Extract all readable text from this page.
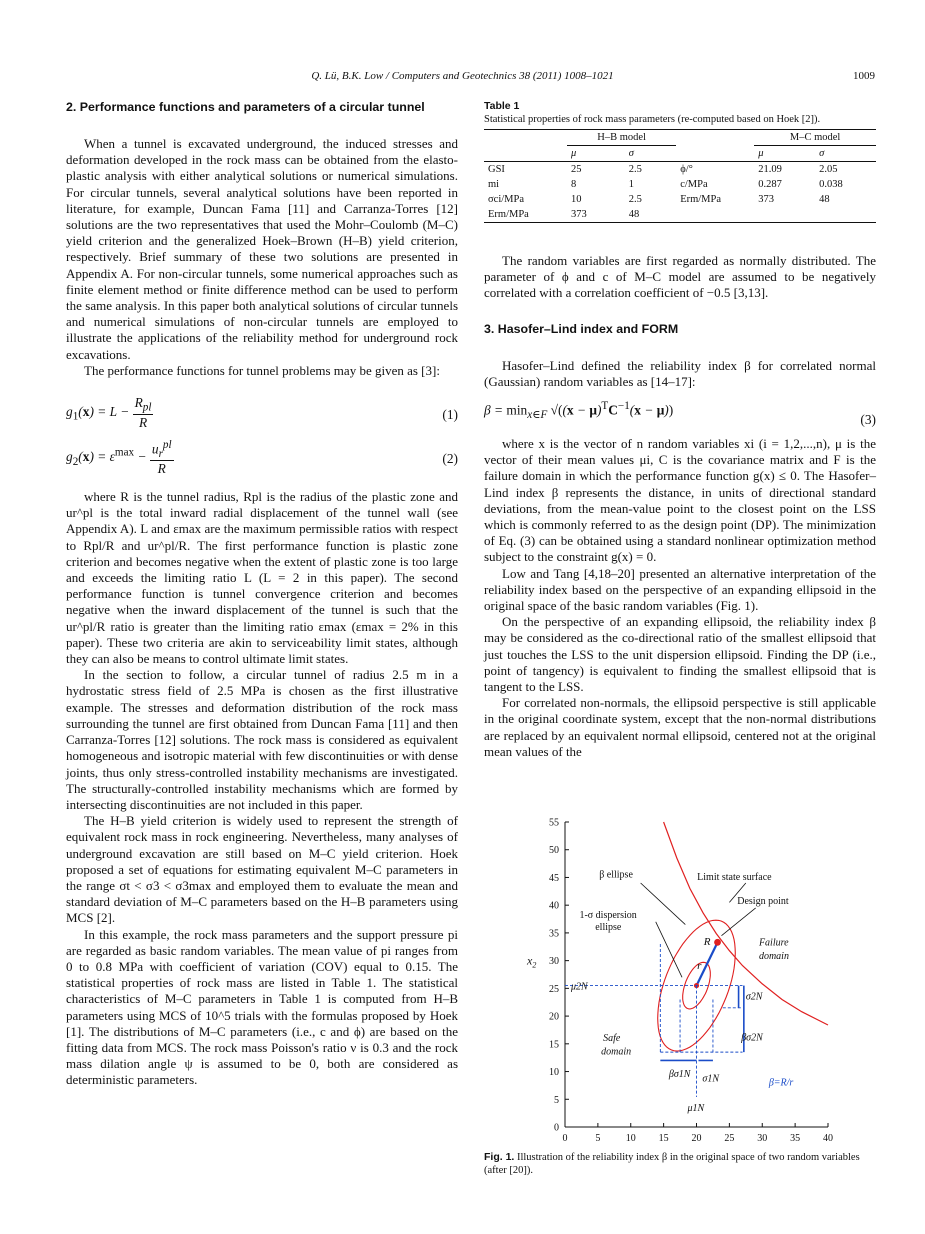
Q. Lü, B.K. Low / Computers and Geotechnics 38 (2011) 1008–1021	1009
2. Performance functions and parameters of a circular tunnel

When a tunnel is excavated underground, the induced stresses and deformation developed in the rock mass can be obtained from the elasto-plastic analysis with either analytical solutions or numerical simulations. For circular tunnels, several analytical solutions have been reported in literature, for example, Duncan Fama [11] and Carranza-Torres [12] solutions are the two representatives that used the Mohr–Coulomb (M–C) yield criterion and the generalized Hoek–Brown (H–B) yield criterion, respectively. Brief summary of these two solutions are presented in Appendix A. For non-circular tunnels, some numerical approaches such as finite element method or finite difference method can be used to perform the same analysis. In this paper both analytical solutions of circular tunnels and numerical simulations of non-circular tunnels are employed to illustrate the applications of the reliability method for underground rock excavations.

The performance functions for tunnel problems may be given as [3]:

$g_1(x) = L - \frac{R_{pl}}{R}$	(1)
$g_2(x) = \varepsilon^{max} - \frac{u_r^{pl}}{R}$	(2)

where R is the tunnel radius, Rpl is the radius of the plastic zone and ur^pl is the total inward radial displacement of the tunnel wall (see Appendix A). L and εmax are the maximum permissible ratios with respect to Rpl/R and ur^pl/R. The first performance function is plastic zone criterion and becomes negative when the extent of plastic zone is too large and exceeds the limiting ratio L (L = 2 in this paper). The second performance function is tunnel convergence criterion and becomes negative when the inward displacement of the tunnel is such that the ur^pl/R ratio is greater than the limiting ratio εmax (εmax = 2% in this paper). These two criteria are akin to serviceability limit states, although they can also be means to control ultimate limit states.

In the section to follow, a circular tunnel of radius 2.5 m in a hydrostatic stress field of 2.5 MPa is chosen as the first illustrative example. The stresses and deformation distribution of the rock mass surrounding the tunnel are first obtained from Duncan Fama [11] and then Carranza-Torres [12] solutions. The rock mass is considered as equivalent homogeneous and isotropic material with few discontinuities or with dense joints, thus only stress-controlled instability mechanisms are investigated. The structurally-controlled instability mechanisms which are formed by intersecting discontinuities are not included in this paper.

The H–B yield criterion is widely used to represent the strength of equivalent rock mass in rock engineering. Nevertheless, many analyses of underground excavation are still based on M–C yield criterion. Hoek proposed a set of equations for estimating equivalent M–C parameters in the range σt < σ3 < σ3max and employed them to evaluate the mean and standard deviation of M–C parameters based on the H–B parameters using MCS [2].

In this example, the rock mass parameters and the support pressure pi are regarded as basic random variables. The mean value of pi ranges from 0 to 0.8 MPa with coefficient of variation (COV) equal to 0.15. The statistical properties of rock mass are listed in Table 1. The statistical characteristics of M–C parameters in Table 1 is computed from H–B parameters using MCS of 10^5 trials with the formulas proposed by Hoek [1]. The distributions of M–C parameters (i.e., c and ϕ) are based on the fitting data from MCS. The rock mass Poisson's ratio ν is 0.3 and the rock mass dilation angle ψ is assumed to be 0, both are considered as deterministic parameters.

Table 1
Statistical properties of rock mass parameters (re-computed based on Hoek [2]).
	H–B model			M–C model	
	μ	σ		μ	σ
GSI	25	2.5	ϕ/°	21.09	2.05
mi	8	1	c/MPa	0.287	0.038
σci/MPa	10	2.5	Erm/MPa	373	48
Erm/MPa	373	48			

The random variables are first regarded as normally distributed. The parameter of ϕ and c of M–C model are assumed to be negatively correlated with a correlation coefficient of −0.5 [3,13].

3. Hasofer–Lind index and FORM

Hasofer–Lind defined the reliability index β for correlated normal (Gaussian) random variables as [14–17]:

$\beta = \min_{x\in F} √((x - \mu)^TC^{-1}(x - \mu))$
(3)

where x is the vector of n random variables xi (i = 1,2,...,n), μ is the vector of their mean values μi, C is the covariance matrix and F is the failure domain in which the performance function g(x) ≤ 0. The Hasofer–Lind index β represents the distance, in units of directional standard deviations, from the mean-value point to the closest point on the LSS which is commonly referred to as the design point (DP). The minimization of Eq. (3) can be obtained using a standard nonlinear optimization method subject to the constraint g(x) = 0.

Low and Tang [4,18–20] presented an alternative interpretation of the reliability index based on the perspective of an expanding ellipsoid in the original space of the basic random variables (Fig. 1).

On the perspective of an expanding ellipsoid, the reliability index β may be considered as the co-directional ratio of the smallest ellipsoid that just touches the LSS to the unit dispersion ellipsoid. Finding the DP (i.e., point of tangency) is equivalent to finding the smallest ellipsoid that is tangent to the LSS.

For correlated non-normals, the ellipsoid perspective is still applicable in the original coordinate system, except that the non-normal distributions are replaced by an equivalent normal ellipsoid, centered not at the original mean values of the

0	5	10 15 20 25 30 35 40
0
5
10
15
20
25
30
35
40
45
50
55
$x_2$
Limit state surface
β ellipse
Design point
1-σ dispersion
ellipse
Failure
domain
Safe
domain
R
r
β=R/r
μ2N
μ1N
σ2N
βσ2N
βσ1N σ1N
Fig. 1. Illustration of the reliability index β in the original space of two random variables (after [20]).
